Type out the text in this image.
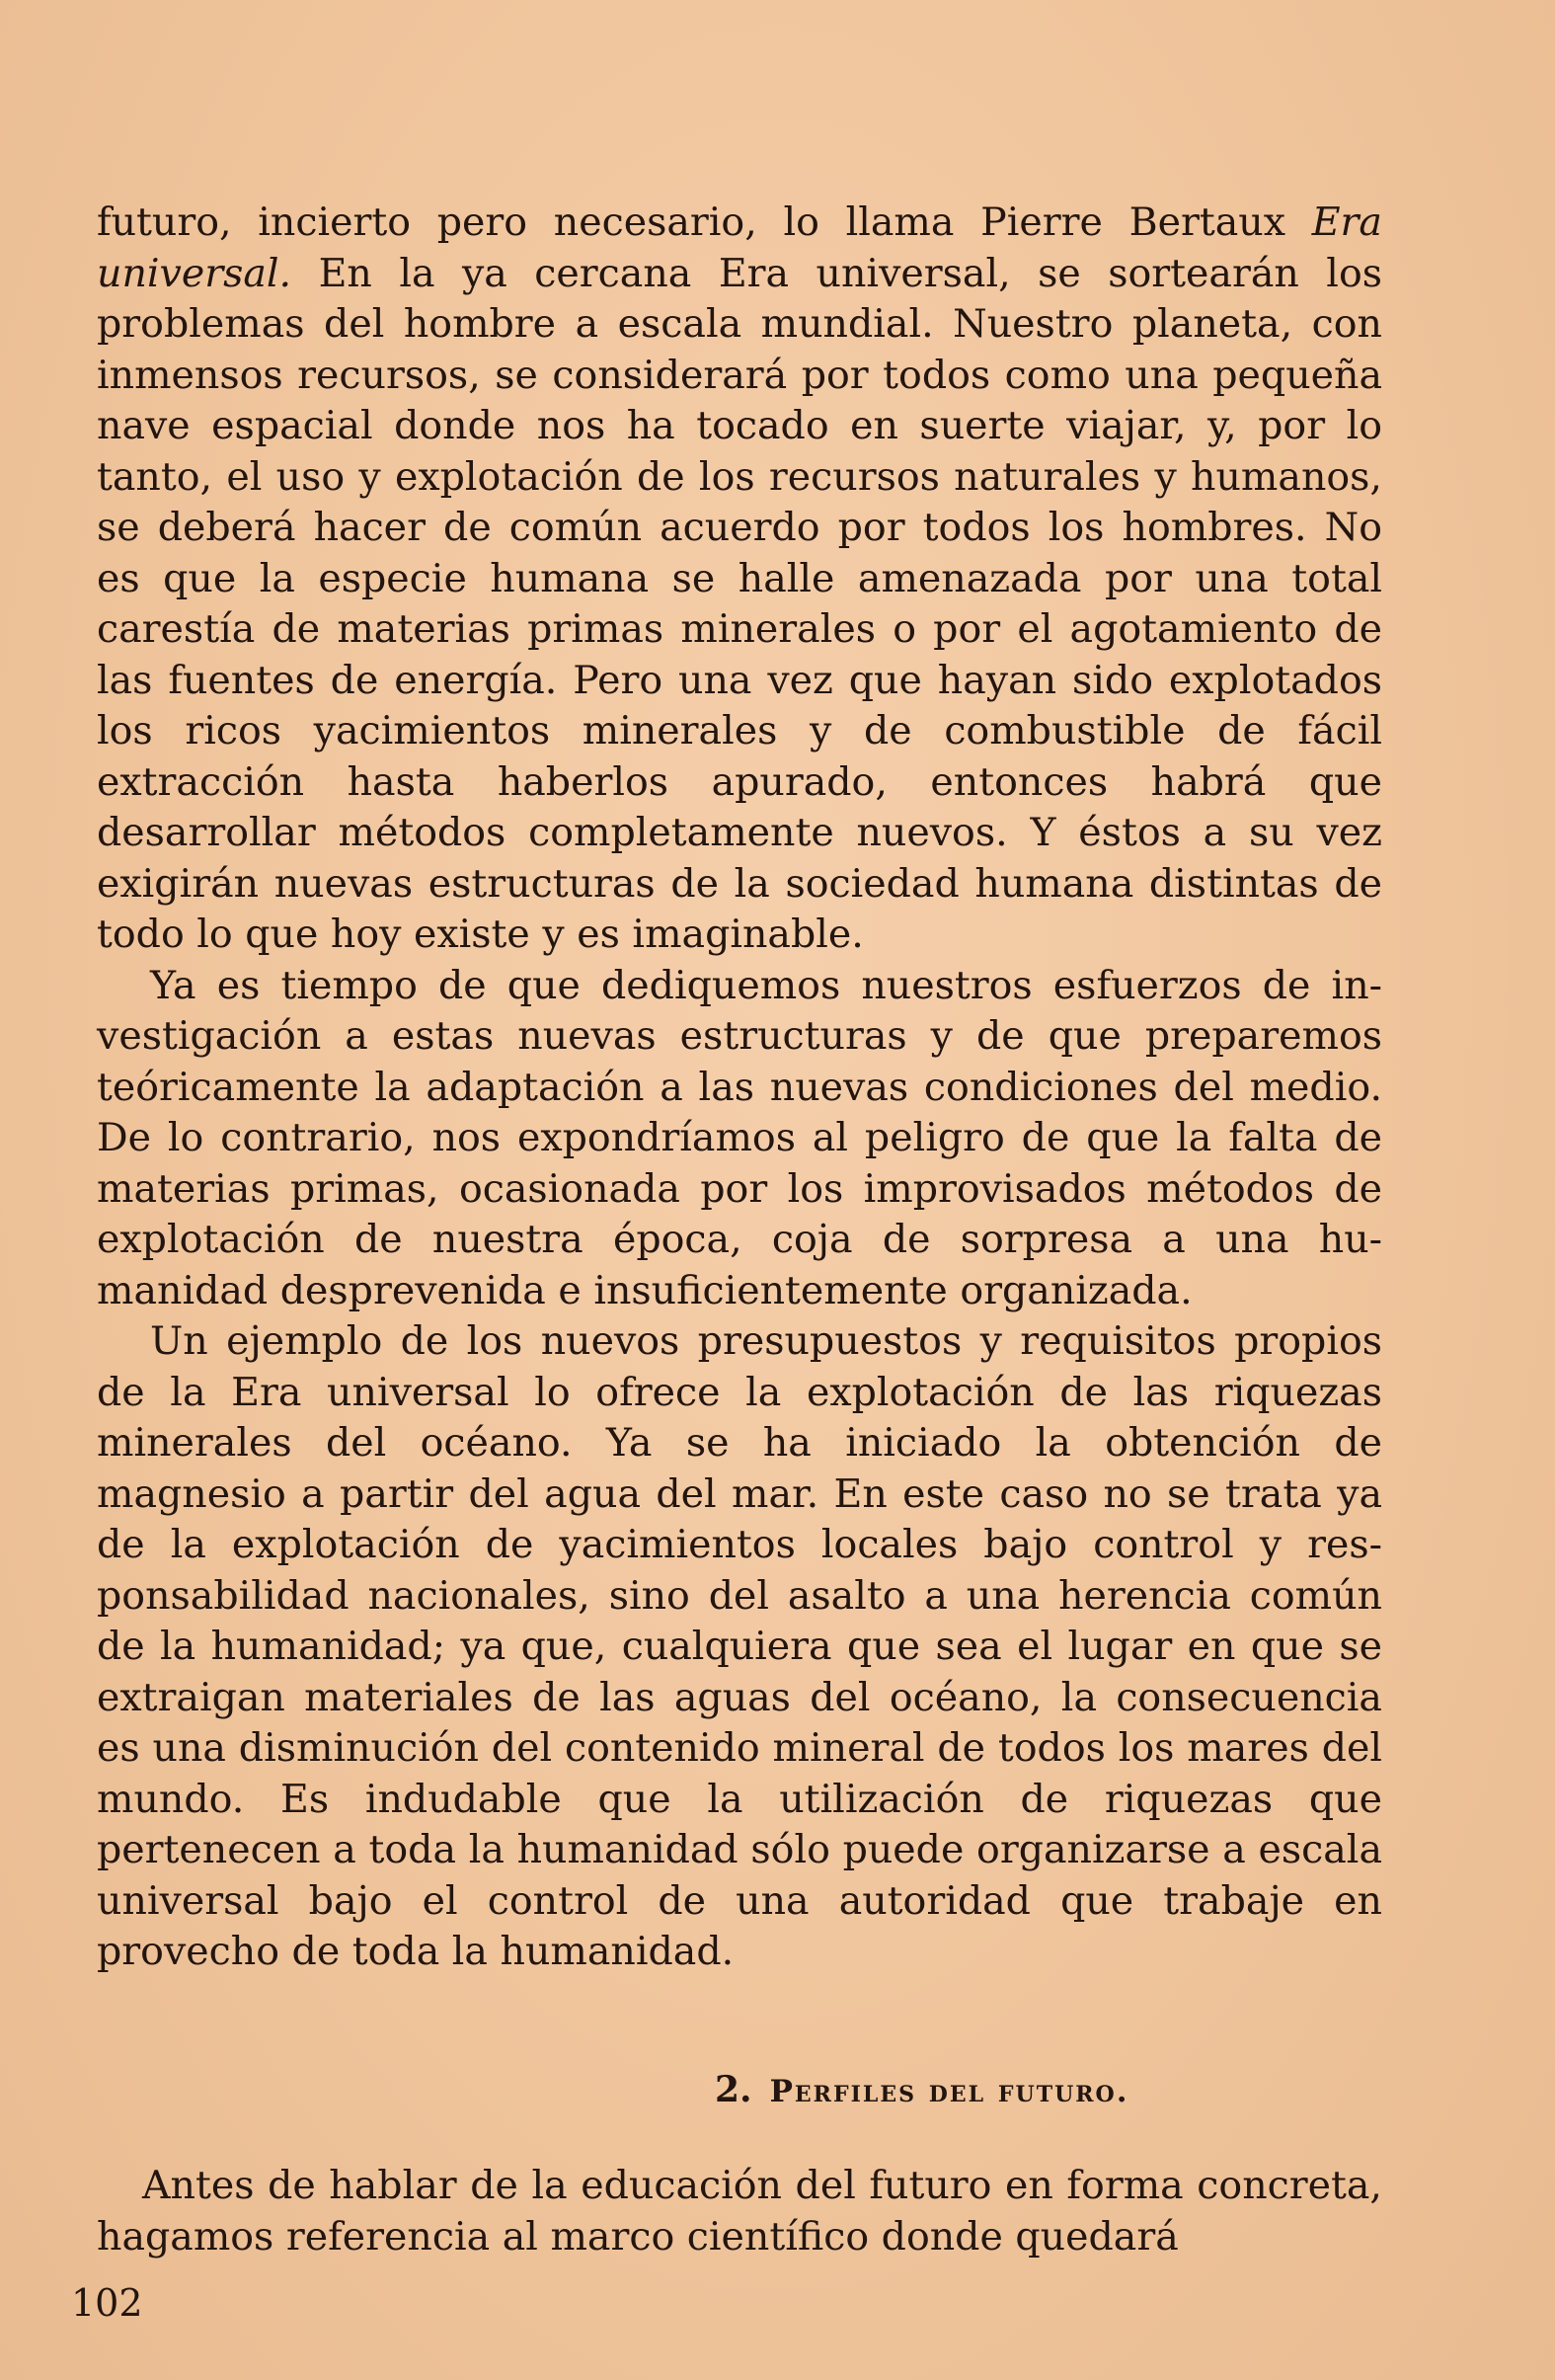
futuro, incierto pero necesario, lo llama Pierre Bertaux Era universal. En la ya cercana Era universal, se sortearán los problemas del hombre a escala mundial. Nuestro planeta, con inmensos recursos, se considerará por todos como una pequeña nave espacial donde nos ha tocado en suerte viajar, y, por lo tanto, el uso y explotación de los recursos naturales y humanos, se deberá hacer de común acuerdo por todos los hombres. No es que la especie humana se halle amenazada por una total carestía de materias primas minerales o por el agotamiento de las fuentes de energía. Pero una vez que hayan sido explotados los ricos yacimientos minerales y de combustible de fácil extracción hasta haberlos apurado, entonces habrá que desarrollar métodos completamente nuevos. Y éstos a su vez exigirán nuevas estructuras de la sociedad humana distintas de todo lo que hoy existe y es imaginable.

Ya es tiempo de que dediquemos nuestros esfuerzos de investigación a estas nuevas estructuras y de que preparemos teóricamente la adaptación a las nuevas condiciones del medio. De lo contrario, nos expondríamos al peligro de que la falta de materias primas, ocasionada por los improvisados métodos de explotación de nuestra época, coja de sorpresa a una humanidad desprevenida e insuficientemente organizada.

Un ejemplo de los nuevos presupuestos y requisitos propios de la Era universal lo ofrece la explotación de las riquezas minerales del océano. Ya se ha iniciado la obtención de magnesio a partir del agua del mar. En este caso no se trata ya de la explotación de yacimientos locales bajo control y responsabilidad nacionales, sino del asalto a una herencia común de la humanidad; ya que, cualquiera que sea el lugar en que se extraigan materiales de las aguas del océano, la consecuencia es una disminución del contenido mineral de todos los mares del mundo. Es indudable que la utilización de riquezas que pertenecen a toda la humanidad sólo puede organizarse a escala universal bajo el control de una autoridad que trabaje en provecho de toda la humanidad.

2. Perfiles del futuro.

Antes de hablar de la educación del futuro en forma concreta, hagamos referencia al marco científico donde quedará

102
